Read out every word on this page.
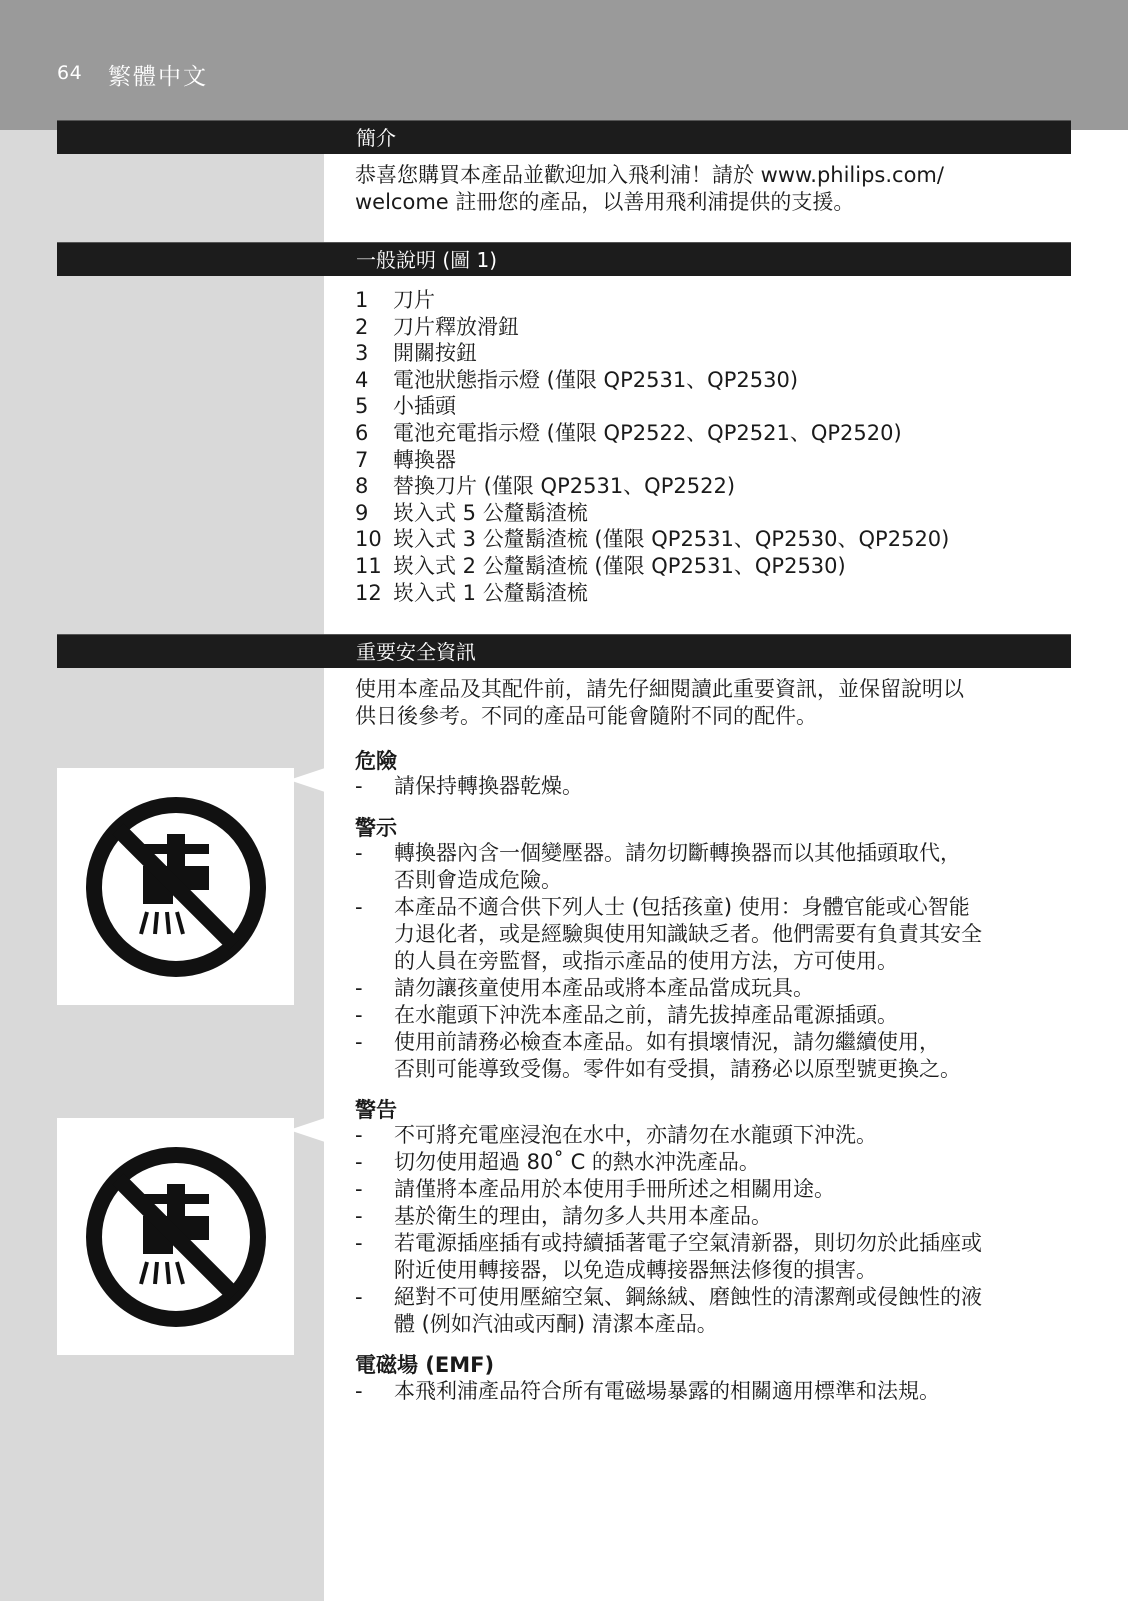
64 繁體中文
簡介

恭喜您購買本產品並歡迎加入飛利浦！請於 www.philips.com/
welcome 註冊您的產品，以善用飛利浦提供的支援。

一般說明 (圖 1)
1 刀片
2 刀片釋放滑鈕
3 開關按鈕
4 電池狀態指示燈 (僅限 QP2531、QP2530)
5 小插頭
6 電池充電指示燈 (僅限 QP2522、QP2521、QP2520)
7 轉換器
8 替換刀片 (僅限 QP2531、QP2522)
9 崁入式 5 公釐鬍渣梳
10 崁入式 3 公釐鬍渣梳 (僅限 QP2531、QP2530、QP2520)
11 崁入式 2 公釐鬍渣梳 (僅限 QP2531、QP2530)
12 崁入式 1 公釐鬍渣梳
重要安全資訊

使用本產品及其配件前，請先仔細閱讀此重要資訊，並保留說明以
供日後參考。不同的產品可能會隨附不同的配件。

危險
- 請保持轉換器乾燥。
警示
- 轉換器內含一個變壓器。請勿切斷轉換器而以其他插頭取代，
否則會造成危險。
- 本產品不適合供下列人士 (包括孩童) 使用：身體官能或心智能
力退化者，或是經驗與使用知識缺乏者。他們需要有負責其安全
的人員在旁監督，或指示產品的使用方法，方可使用。
- 請勿讓孩童使用本產品或將本產品當成玩具。
- 在水龍頭下沖洗本產品之前，請先拔掉產品電源插頭。
- 使用前請務必檢查本產品。如有損壞情況，請勿繼續使用，
否則可能導致受傷。零件如有受損，請務必以原型號更換之。
警告
- 不可將充電座浸泡在水中，亦請勿在水龍頭下沖洗。
- 切勿使用超過 80˚ C 的熱水沖洗產品。
- 請僅將本產品用於本使用手冊所述之相關用途。
- 基於衛生的理由，請勿多人共用本產品。
- 若電源插座插有或持續插著電子空氣清新器，則切勿於此插座或
附近使用轉接器，以免造成轉接器無法修復的損害。
- 絕對不可使用壓縮空氣、鋼絲絨、磨蝕性的清潔劑或侵蝕性的液
體 (例如汽油或丙酮) 清潔本產品。
電磁場 (EMF)
- 本飛利浦產品符合所有電磁場暴露的相關適用標準和法規。
